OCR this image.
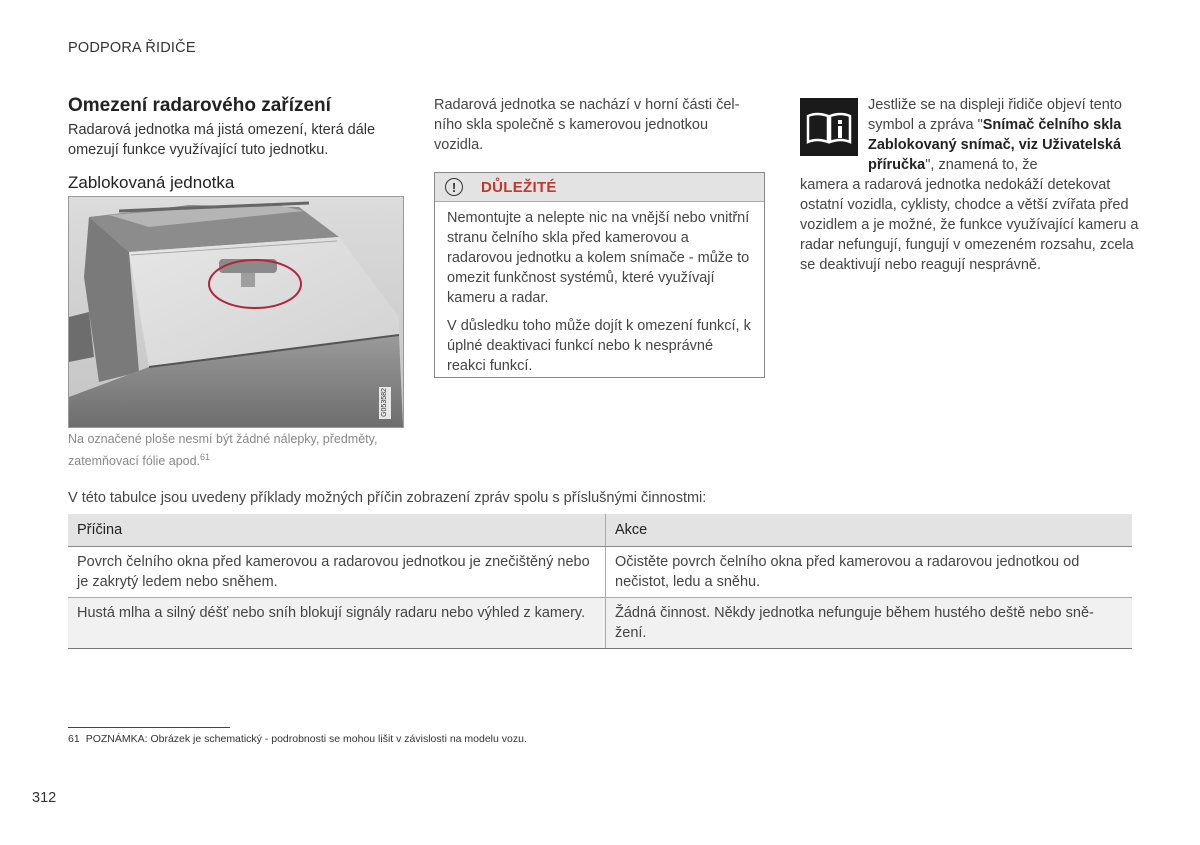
PODPORA ŘIDIČE
Omezení radarového zařízení
Radarová jednotka má jistá omezení, která dále omezují funkce využívající tuto jednotku.
Zablokovaná jednotka
G053582
Na označené ploše nesmí být žádné nálepky, předměty, zatemňovací fólie apod.$^{61}$
Radarová jednotka se nachází v horní části čel-ního skla společně s kamerovou jednotkou vozidla.
!	DŮLEŽITÉ

Nemontujte a nelepte nic na vnější nebo vnitřní stranu čelního skla před kamerovou a radarovou jednotku a kolem snímače - může to omezit funkčnost systémů, které využívají kameru a radar.

V důsledku toho může dojít k omezení funkcí, k úplné deaktivaci funkcí nebo k nesprávné reakci funkcí.

Jestliže se na displeji řidiče objeví tento symbol a zpráva "Snímač čelního skla Zablokovaný snímač, viz Uživatelská příručka", znamená to, že
kamera a radarová jednotka nedokáží detekovat ostatní vozidla, cyklisty, chodce a větší zvířata před vozidlem a je možné, že funkce využívající kameru a radar nefungují, fungují v omezeném rozsahu, zcela se deaktivují nebo reagují nesprávně.
V této tabulce jsou uvedeny příklady možných příčin zobrazení zpráv spolu s příslušnými činnostmi:
Příčina	Akce
Povrch čelního okna před kamerovou a radarovou jednotkou je znečištěný nebo je zakrytý ledem nebo sněhem.	Očistěte povrch čelního okna před kamerovou a radarovou jednotkou od nečistot, ledu a sněhu.
Hustá mlha a silný déšť nebo sníh blokují signály radaru nebo výhled z kamery.	Žádná činnost. Někdy jednotka nefunguje během hustého deště nebo sně-žení.
61 POZNÁMKA: Obrázek je schematický - podrobnosti se mohou lišit v závislosti na modelu vozu.
312
